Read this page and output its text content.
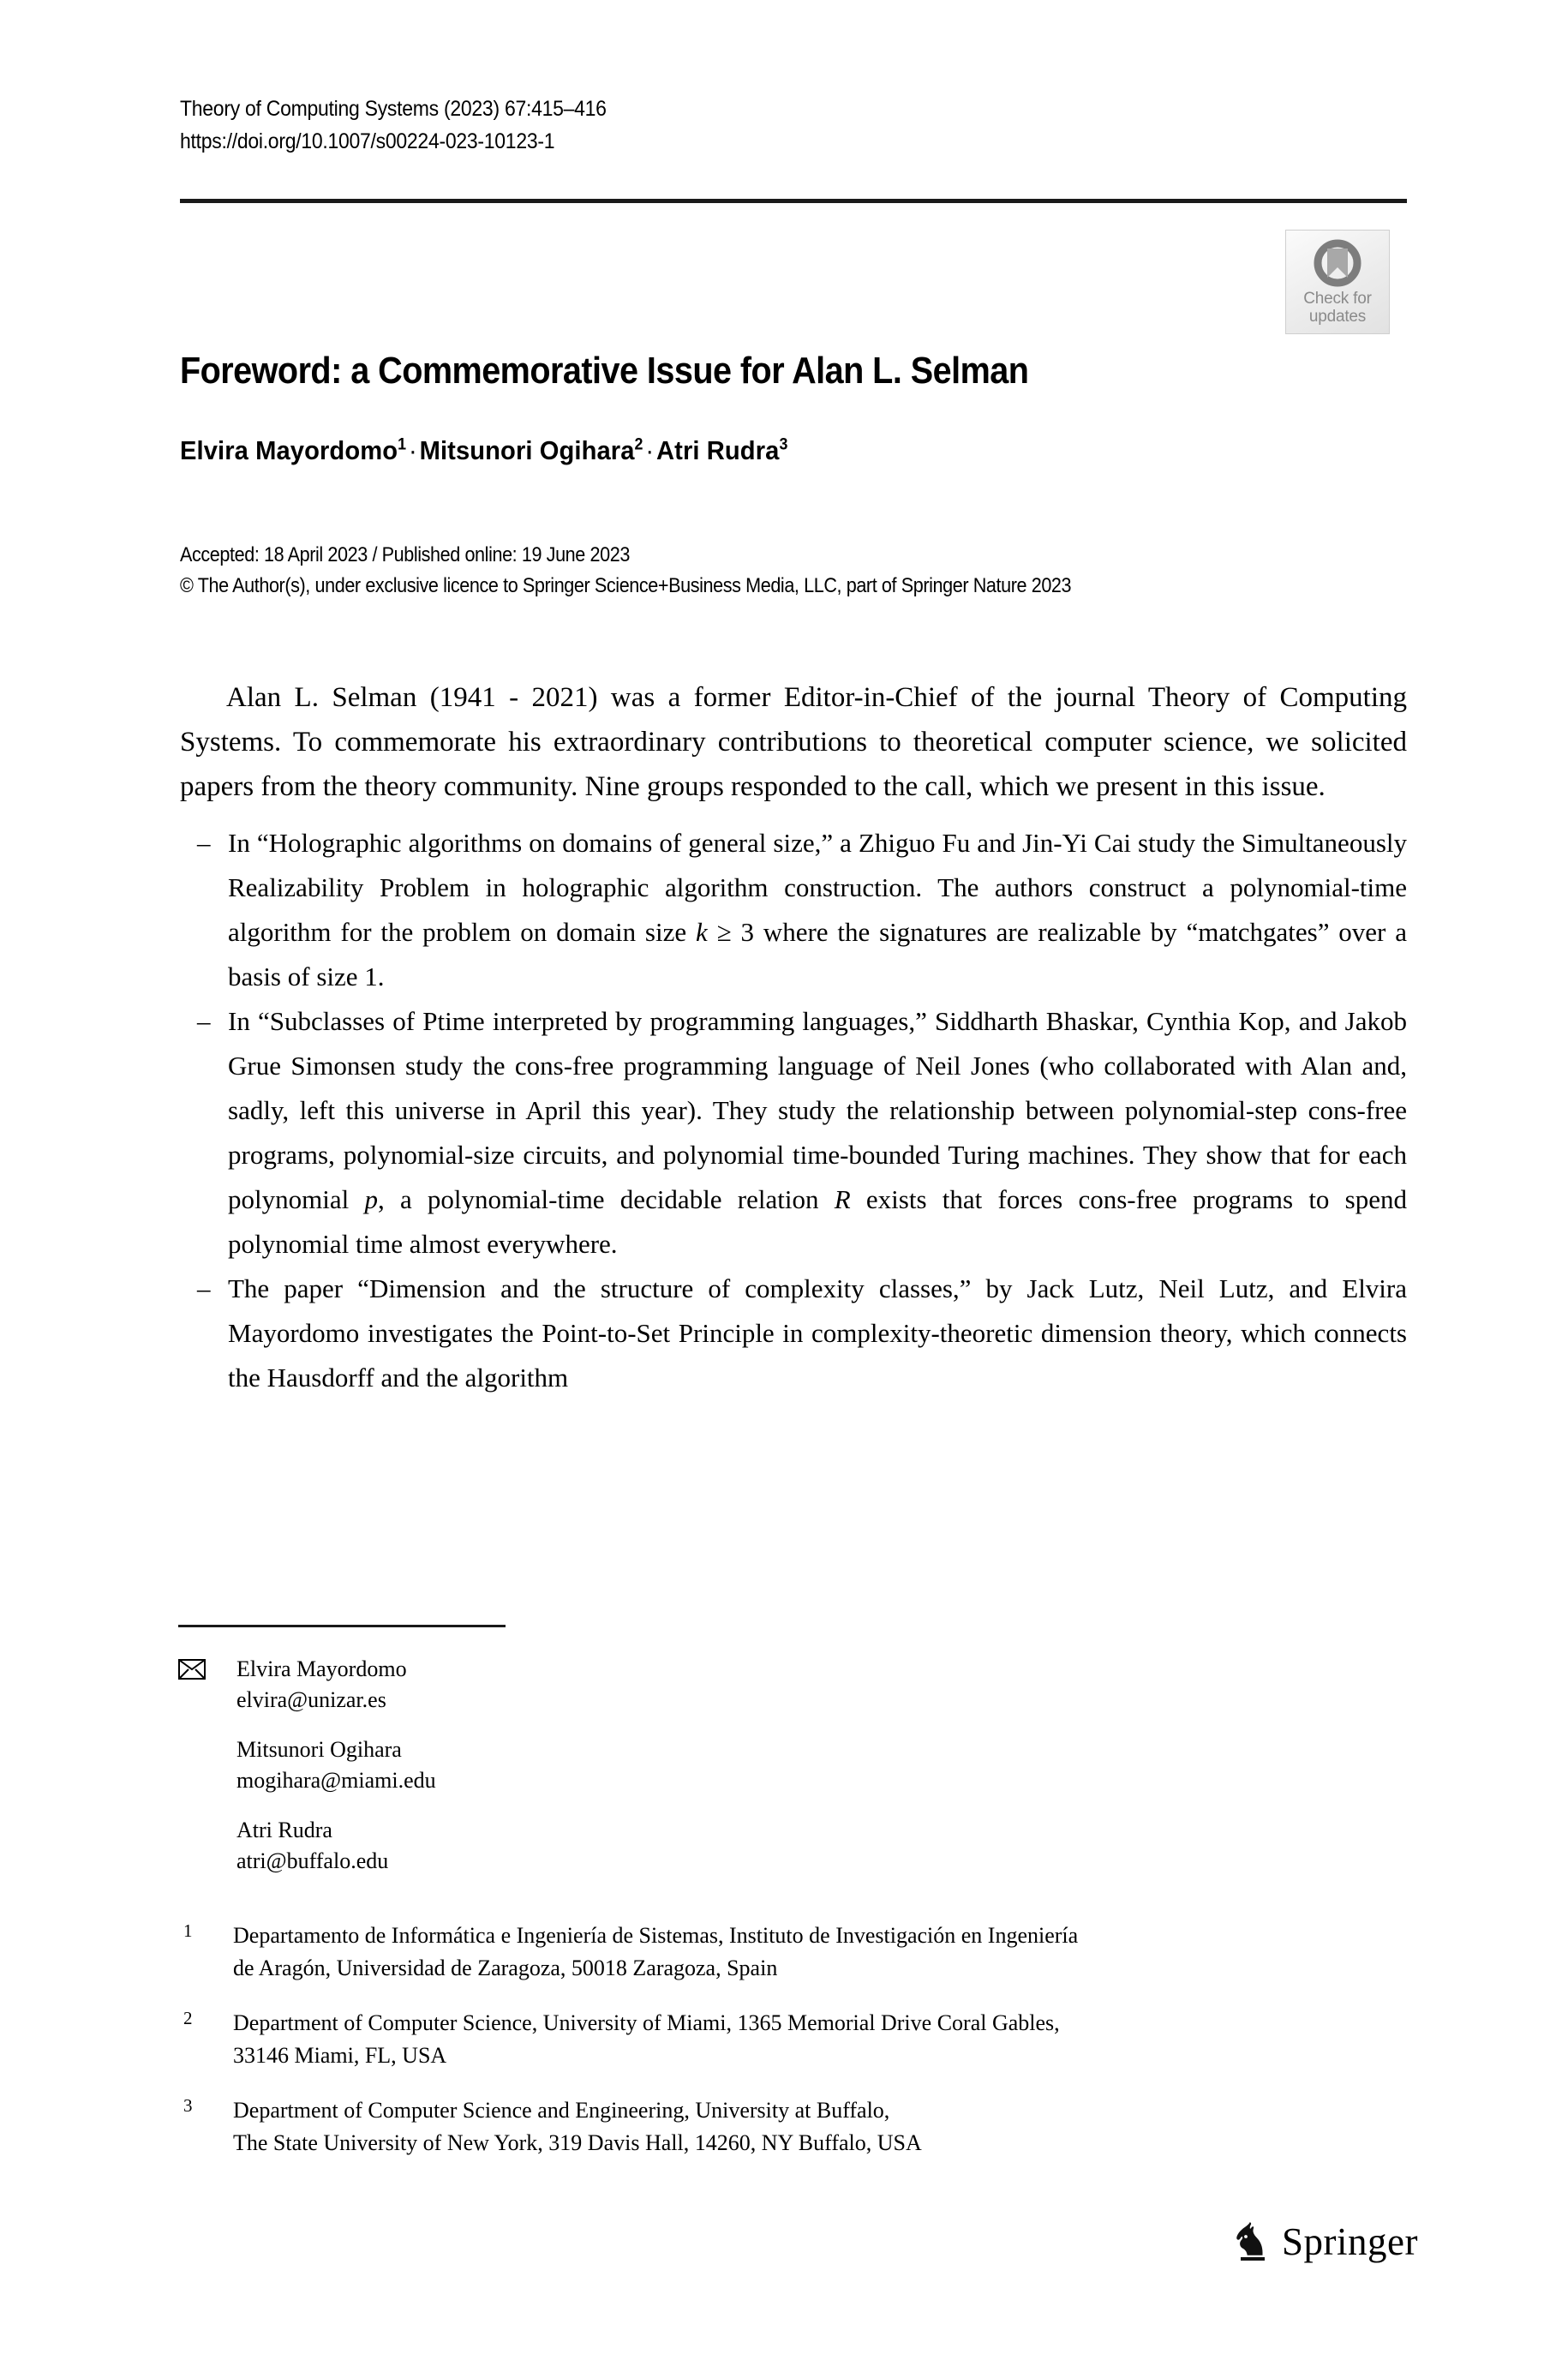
Theory of Computing Systems (2023) 67:415–416
https://doi.org/10.1007/s00224-023-10123-1
Check for
updates
Foreword: a Commemorative Issue for Alan L. Selman
Elvira Mayordomo$^1$·Mitsunori Ogihara$^2$·Atri Rudra$^3$
Accepted: 18 April 2023 / Published online: 19 June 2023
© The Author(s), under exclusive licence to Springer Science+Business Media, LLC, part of Springer Nature 2023

Alan L. Selman (1941 - 2021) was a former Editor-in-Chief of the journal Theory of Computing Systems. To commemorate his extraordinary contributions to theoretical computer science, we solicited papers from the theory community. Nine groups responded to the call, which we present in this issue.

– In “Holographic algorithms on domains of general size,” a Zhiguo Fu and Jin-Yi Cai study the Simultaneously Realizability Problem in holographic algorithm construction. The authors construct a polynomial-time algorithm for the problem on domain size k ≥ 3 where the signatures are realizable by “matchgates” over a basis of size 1.
– In “Subclasses of Ptime interpreted by programming languages,” Siddharth Bhaskar, Cynthia Kop, and Jakob Grue Simonsen study the cons-free programming language of Neil Jones (who collaborated with Alan and, sadly, left this universe in April this year). They study the relationship between polynomial-step cons-free programs, polynomial-size circuits, and polynomial time-bounded Turing machines. They show that for each polynomial p, a polynomial-time decidable relation R exists that forces cons-free programs to spend polynomial time almost everywhere.
– The paper “Dimension and the structure of complexity classes,” by Jack Lutz, Neil Lutz, and Elvira Mayordomo investigates the Point-to-Set Principle in complexity-theoretic dimension theory, which connects the Hausdorff and the algorithm
Elvira Mayordomo
elvira@unizar.es
Mitsunori Ogihara
mogihara@miami.edu
Atri Rudra
atri@buffalo.edu
1 Departamento de Informática e Ingeniería de Sistemas, Instituto de Investigación en Ingeniería
de Aragón, Universidad de Zaragoza, 50018 Zaragoza, Spain
2 Department of Computer Science, University of Miami, 1365 Memorial Drive Coral Gables,
33146 Miami, FL, USA
3 Department of Computer Science and Engineering, University at Buffalo,
The State University of New York, 319 Davis Hall, 14260, NY Buffalo, USA
Springer
